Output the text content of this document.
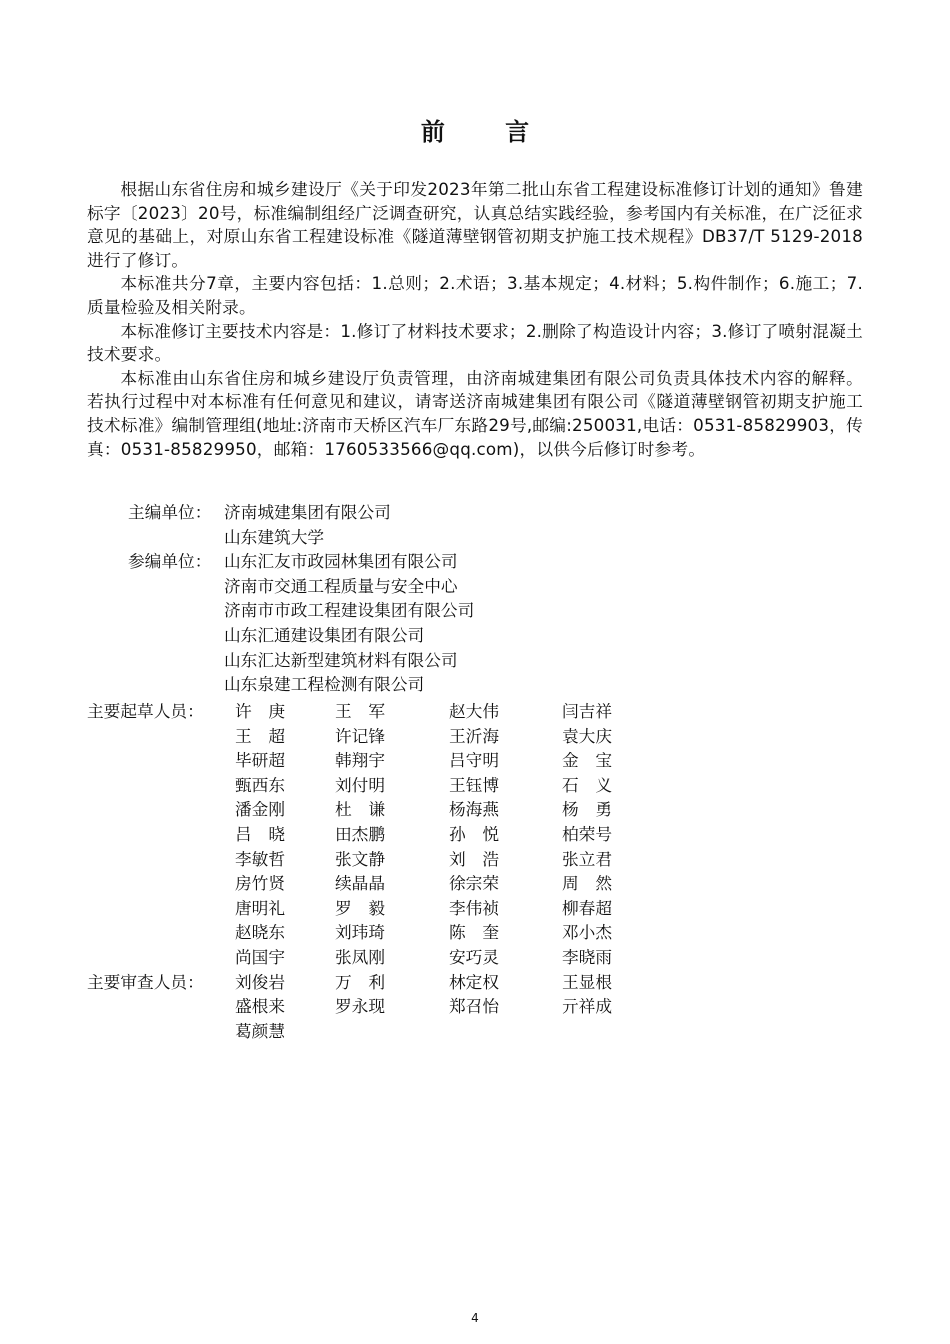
前 言

根据山东省住房和城乡建设厅《关于印发2023年第二批山东省工程建设标准修订计划的通知》鲁建标字〔2023〕20号，标准编制组经广泛调查研究，认真总结实践经验，参考国内有关标准，在广泛征求意见的基础上，对原山东省工程建设标准《隧道薄壁钢管初期支护施工技术规程》DB37/T 5129-2018进行了修订。

本标准共分7章，主要内容包括：1.总则；2.术语；3.基本规定；4.材料；5.构件制作；6.施工；7.质量检验及相关附录。

本标准修订主要技术内容是：1.修订了材料技术要求；2.删除了构造设计内容；3.修订了喷射混凝土技术要求。

本标准由山东省住房和城乡建设厅负责管理，由济南城建集团有限公司负责具体技术内容的解释。若执行过程中对本标准有任何意见和建议，请寄送济南城建集团有限公司《隧道薄壁钢管初期支护施工技术标准》编制管理组(地址:济南市天桥区汽车厂东路29号,邮编:250031,电话：0531-85829903，传真：0531-85829950，邮箱：1760533566@qq.com)，以供今后修订时参考。

主编单位： 济南城建集团有限公司
山东建筑大学
参编单位： 山东汇友市政园林集团有限公司
济南市交通工程质量与安全中心
济南市市政工程建设集团有限公司
山东汇通建设集团有限公司
山东汇达新型建筑材料有限公司
山东泉建工程检测有限公司
主要起草人员：	许　庚	王　军	赵大伟	闫吉祥
王　超	许记锋	王沂海	袁大庆
毕研超	韩翔宇	吕守明	金　宝
甄西东	刘付明	王钰博	石　义
潘金刚	杜　谦	杨海燕	杨　勇
吕　晓	田杰鹏	孙　悦	柏荣号
李敏哲	张文静	刘　浩	张立君
房竹贤	续晶晶	徐宗荣	周　然
唐明礼	罗　毅	李伟祯	柳春超
赵晓东	刘玮琦	陈　奎	邓小杰
尚国宇	张凤刚	安巧灵	李晓雨
主要审查人员：	刘俊岩	万　利	林定权	王显根
盛根来	罗永现	郑召怡	亓祥成
葛颜慧
4
